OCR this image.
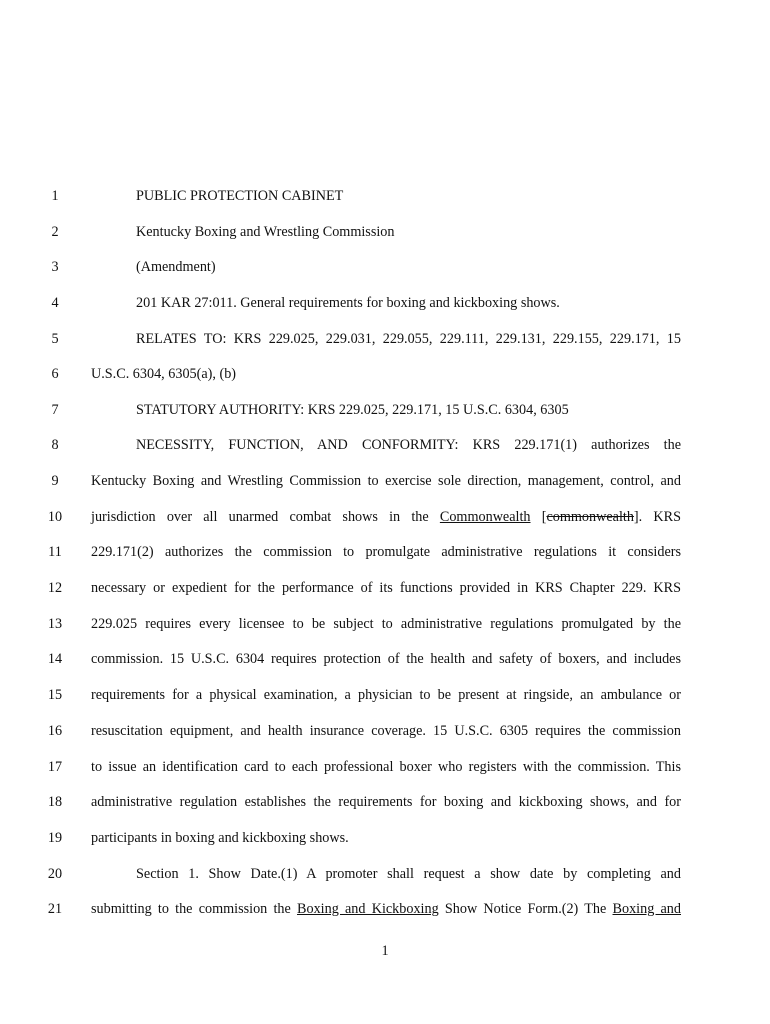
1	PUBLIC PROTECTION CABINET
2	Kentucky Boxing and Wrestling Commission
3	(Amendment)
4	201 KAR 27:011. General requirements for boxing and kickboxing shows.
5	RELATES TO: KRS 229.025, 229.031, 229.055, 229.111, 229.131, 229.155, 229.171, 15
6	U.S.C. 6304, 6305(a), (b)
7	STATUTORY AUTHORITY: KRS 229.025, 229.171, 15 U.S.C. 6304, 6305
8	NECESSITY, FUNCTION, AND CONFORMITY: KRS 229.171(1) authorizes the
9	Kentucky Boxing and Wrestling Commission to exercise sole direction, management, control, and
10	jurisdiction over all unarmed combat shows in the Commonwealth [commonwealth]. KRS
11	229.171(2) authorizes the commission to promulgate administrative regulations it considers
12	necessary or expedient for the performance of its functions provided in KRS Chapter 229. KRS
13	229.025 requires every licensee to be subject to administrative regulations promulgated by the
14	commission. 15 U.S.C. 6304 requires protection of the health and safety of boxers, and includes
15	requirements for a physical examination, a physician to be present at ringside, an ambulance or
16	resuscitation equipment, and health insurance coverage. 15 U.S.C. 6305 requires the commission
17	to issue an identification card to each professional boxer who registers with the commission. This
18	administrative regulation establishes the requirements for boxing and kickboxing shows, and for
19	participants in boxing and kickboxing shows.
20	Section 1. Show Date.(1) A promoter shall request a show date by completing and
21	submitting to the commission the Boxing and Kickboxing Show Notice Form.(2) The Boxing and
1
